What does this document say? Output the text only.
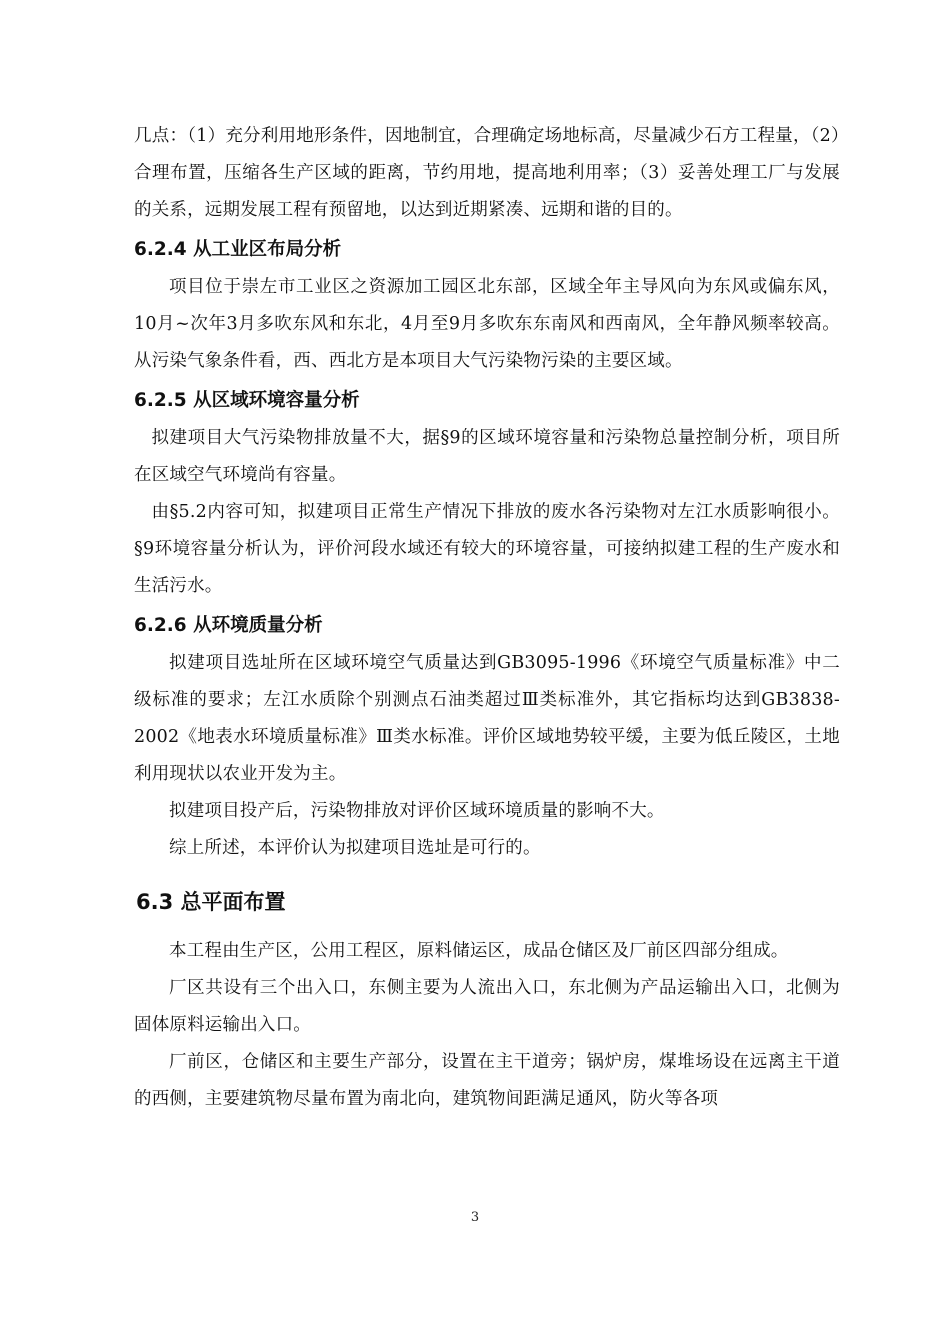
几点：（1）充分利用地形条件，因地制宜，合理确定场地标高，尽量减少石方工程量，（2）合理布置，压缩各生产区域的距离，节约用地，提高地利用率；（3）妥善处理工厂与发展的关系，远期发展工程有预留地，以达到近期紧凑、远期和谐的目的。

6.2.4 从工业区布局分析

项目位于崇左市工业区之资源加工园区北东部，区域全年主导风向为东风或偏东风，10月~次年3月多吹东风和东北，4月至9月多吹东东南风和西南风，全年静风频率较高。从污染气象条件看，西、西北方是本项目大气污染物污染的主要区域。

6.2.5 从区域环境容量分析

拟建项目大气污染物排放量不大，据§9的区域环境容量和污染物总量控制分析，项目所在区域空气环境尚有容量。

由§5.2内容可知，拟建项目正常生产情况下排放的废水各污染物对左江水质影响很小。§9环境容量分析认为，评价河段水域还有较大的环境容量，可接纳拟建工程的生产废水和生活污水。

6.2.6 从环境质量分析

拟建项目选址所在区域环境空气质量达到GB3095-1996《环境空气质量标准》中二级标准的要求；左江水质除个别测点石油类超过Ⅲ类标准外，其它指标均达到GB3838-2002《地表水环境质量标准》Ⅲ类水标准。评价区域地势较平缓，主要为低丘陵区，土地利用现状以农业开发为主。

拟建项目投产后，污染物排放对评价区域环境质量的影响不大。

综上所述，本评价认为拟建项目选址是可行的。

6.3 总平面布置

本工程由生产区，公用工程区，原料储运区，成品仓储区及厂前区四部分组成。

厂区共设有三个出入口，东侧主要为人流出入口，东北侧为产品运输出入口，北侧为固体原料运输出入口。

厂前区，仓储区和主要生产部分，设置在主干道旁；锅炉房，煤堆场设在远离主干道的西侧，主要建筑物尽量布置为南北向，建筑物间距满足通风，防火等各项

3
